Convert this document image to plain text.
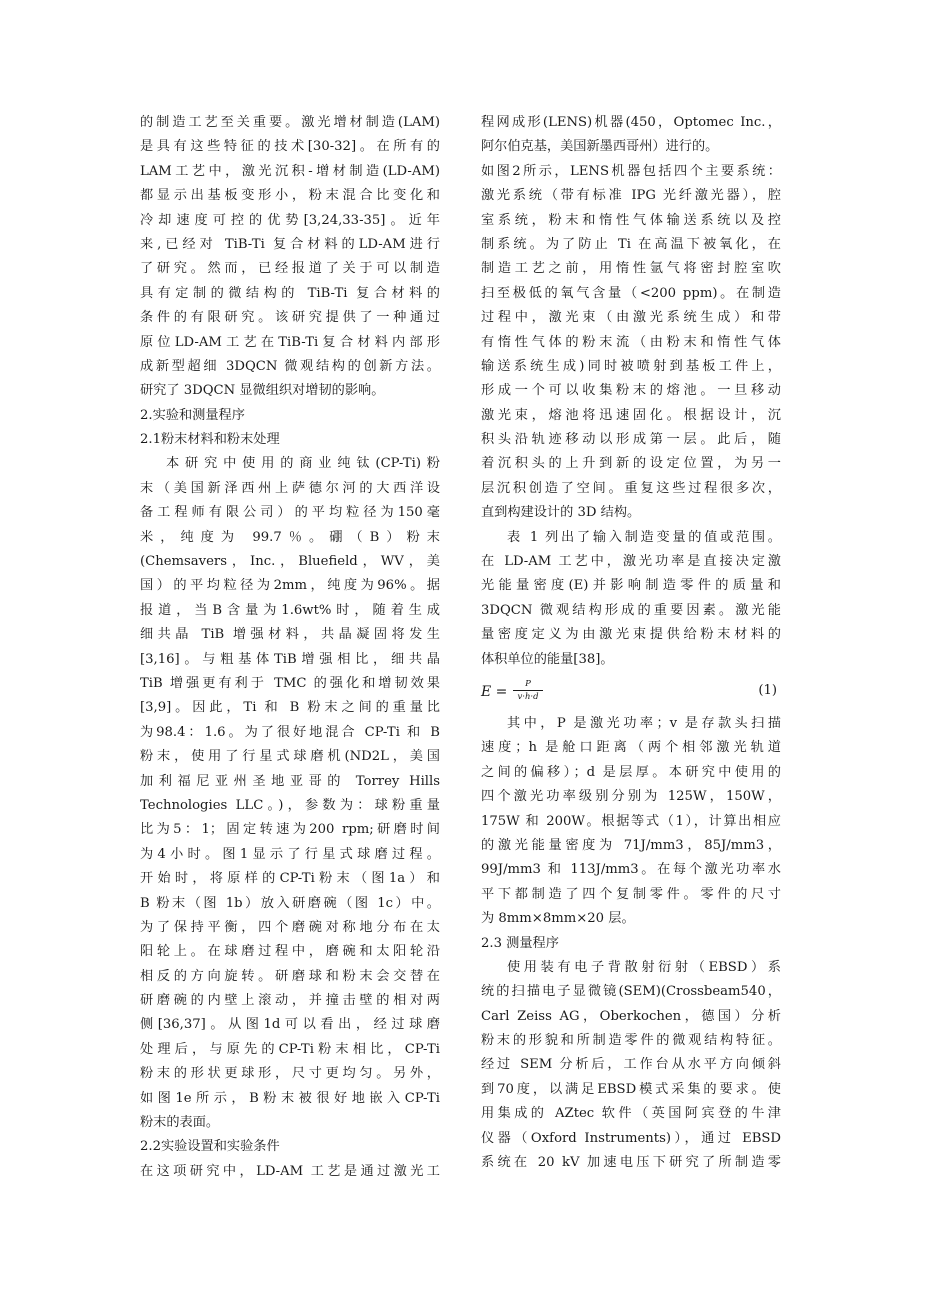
的制造工艺至关重要。激光增材制造(LAM)
是具有这些特征的技术[30-32]。在所有的
LAM工艺中，激光沉积-增材制造(LD-AM)
都显示出基板变形小，粉末混合比变化和
冷却速度可控的优势[3,24,33-35]。近年
来,已经对 TiB-Ti 复合材料的LD-AM进行
了研究。然而，已经报道了关于可以制造
具有定制的微结构的 TiB-Ti 复合材料的
条件的有限研究。该研究提供了一种通过
原位LD-AM工艺在TiB-Ti复合材料内部形
成新型超细 3DQCN 微观结构的创新方法。
研究了 3DQCN 显微组织对增韧的影响。
2.实验和测量程序
2.1粉末材料和粉末处理
本研究中使用的商业纯钛(CP-Ti)粉
末（美国新泽西州上萨德尔河的大西洋设
备工程师有限公司）的平均粒径为150毫
米，纯度为 99.7％。硼（B）粉末
(Chemsavers，Inc.，Bluefield，WV，美
国）的平均粒径为2mm，纯度为96%。据
报道，当B含量为1.6wt%时，随着生成
细共晶 TiB 增强材料，共晶凝固将发生
[3,16]。与粗基体TiB增强相比，细共晶
TiB 增强更有利于 TMC 的强化和增韧效果
[3,9]。因此，Ti 和 B 粉末之间的重量比
为98.4：1.6。为了很好地混合 CP-Ti 和 B
粉末，使用了行星式球磨机(ND2L，美国
加利福尼亚州圣地亚哥的 Torrey Hills
Technologies LLC。)，参数为：球粉重量
比为5：1；固定转速为200 rpm;研磨时间
为4小时。图1显示了行星式球磨过程。
开始时，将原样的CP-Ti粉末（图1a）和
B 粉末（图 1b）放入研磨碗（图 1c）中。
为了保持平衡，四个磨碗对称地分布在太
阳轮上。在球磨过程中，磨碗和太阳轮沿
相反的方向旋转。研磨球和粉末会交替在
研磨碗的内壁上滚动，并撞击壁的相对两
侧[36,37]。从图1d可以看出，经过球磨
处理后，与原先的CP-Ti粉末相比，CP-Ti
粉末的形状更球形，尺寸更均匀。另外，
如图1e所示，B粉末被很好地嵌入CP-Ti
粉末的表面。
2.2实验设置和实验条件
在这项研究中，LD-AM 工艺是通过激光工
程网成形(LENS)机器(450，Optomec Inc.，
阿尔伯克基，美国新墨西哥州）进行的。
如图2所示，LENS机器包括四个主要系统：
激光系统（带有标准 IPG 光纤激光器），腔
室系统，粉末和惰性气体输送系统以及控
制系统。为了防止 Ti 在高温下被氧化，在
制造工艺之前，用惰性氩气将密封腔室吹
扫至极低的氧气含量（<200 ppm)。在制造
过程中，激光束（由激光系统生成）和带
有惰性气体的粉末流（由粉末和惰性气体
输送系统生成)同时被喷射到基板工件上，
形成一个可以收集粉末的熔池。一旦移动
激光束，熔池将迅速固化。根据设计，沉
积头沿轨迹移动以形成第一层。此后，随
着沉积头的上升到新的设定位置，为另一
层沉积创造了空间。重复这些过程很多次，
直到构建设计的 3D 结构。
表 1 列出了输入制造变量的值或范围。
在 LD-AM 工艺中，激光功率是直接决定激
光能量密度(E)并影响制造零件的质量和
3DQCN 微观结构形成的重要因素。激光能
量密度定义为由激光束提供给粉末材料的
体积单位的能量[38]。
$E = \frac{P}{v\cdot h\cdot d}$	(1)
其中，P 是激光功率；v 是存款头扫描
速度；h 是舱口距离（两个相邻激光轨道
之间的偏移）；d 是层厚。本研究中使用的
四个激光功率级别分别为 125W，150W，
175W 和 200W。根据等式（1），计算出相应
的激光能量密度为 71J/mm3，85J/mm3，
99J/mm3 和 113J/mm3。在每个激光功率水
平下都制造了四个复制零件。零件的尺寸
为 8mm×8mm×20 层。
2.3 测量程序
使用装有电子背散射衍射（EBSD）系
统的扫描电子显微镜(SEM)(Crossbeam540，
Carl Zeiss AG，Oberkochen，德国）分析
粉末的形貌和所制造零件的微观结构特征。
经过 SEM 分析后，工作台从水平方向倾斜
到70度，以满足EBSD模式采集的要求。使
用集成的 AZtec 软件（英国阿宾登的牛津
仪器（Oxford Instruments)），通过 EBSD
系统在 20 kV 加速电压下研究了所制造零
